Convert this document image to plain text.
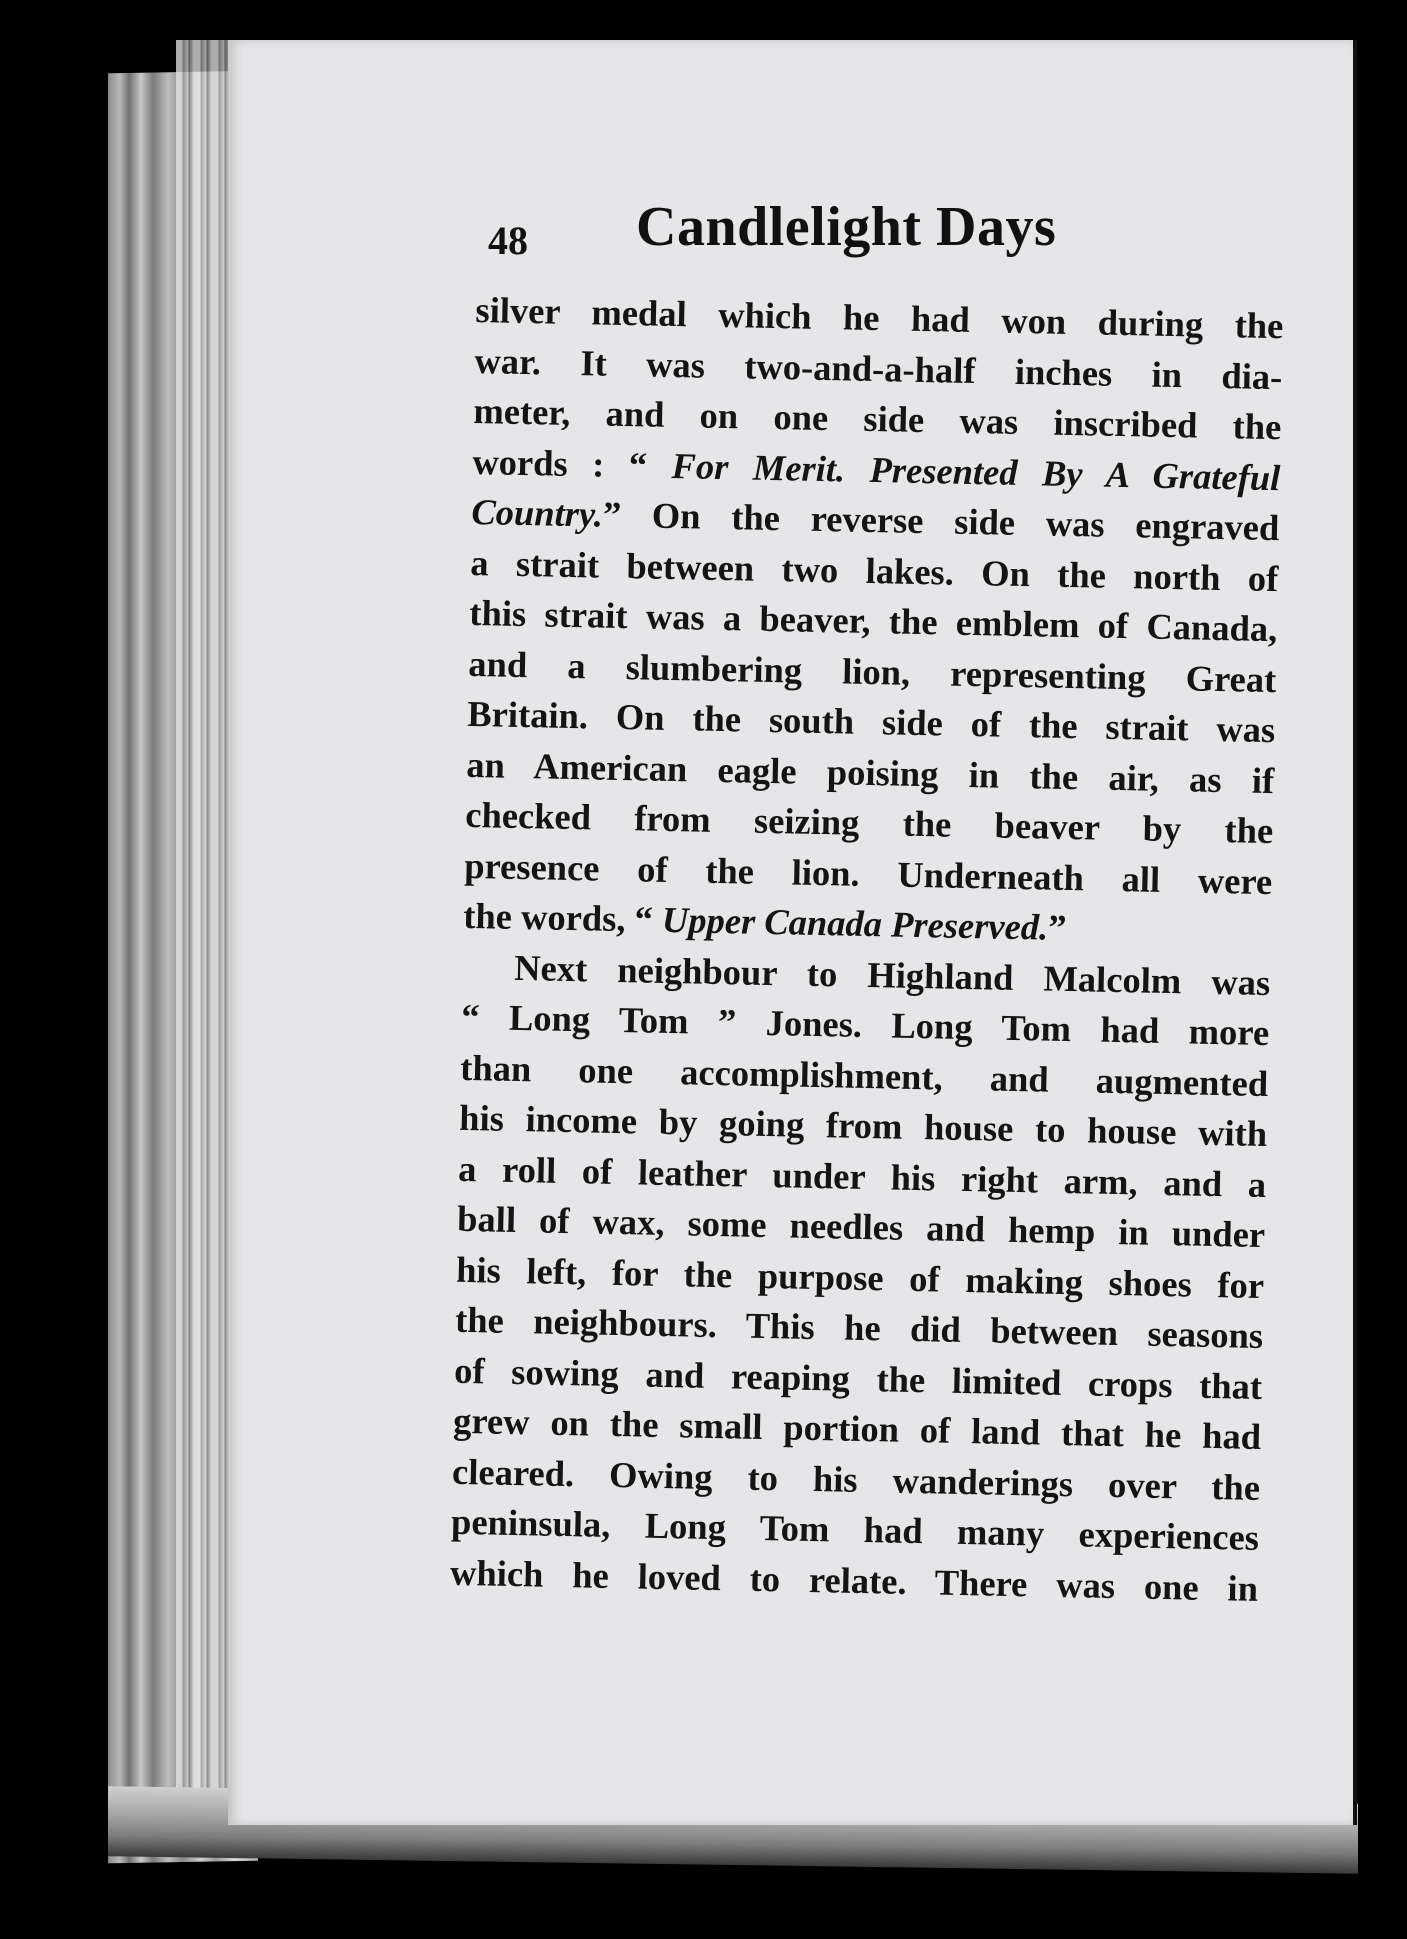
48 Candlelight Days
silver medal which he had won during the
war. It was two-and-a-half inches in dia-
meter, and on one side was inscribed the
words : “ For Merit. Presented By A Grateful
Country.” On the reverse side was engraved
a strait between two lakes. On the north of
this strait was a beaver, the emblem of Canada,
and a slumbering lion, representing Great
Britain. On the south side of the strait was
an American eagle poising in the air, as if
checked from seizing the beaver by the
presence of the lion. Underneath all were
the words, “ Upper Canada Preserved.”
Next neighbour to Highland Malcolm was
“ Long Tom ” Jones. Long Tom had more
than one accomplishment, and augmented
his income by going from house to house with
a roll of leather under his right arm, and a
ball of wax, some needles and hemp in under
his left, for the purpose of making shoes for
the neighbours. This he did between seasons
of sowing and reaping the limited crops that
grew on the small portion of land that he had
cleared. Owing to his wanderings over the
peninsula, Long Tom had many experiences
which he loved to relate. There was one in
